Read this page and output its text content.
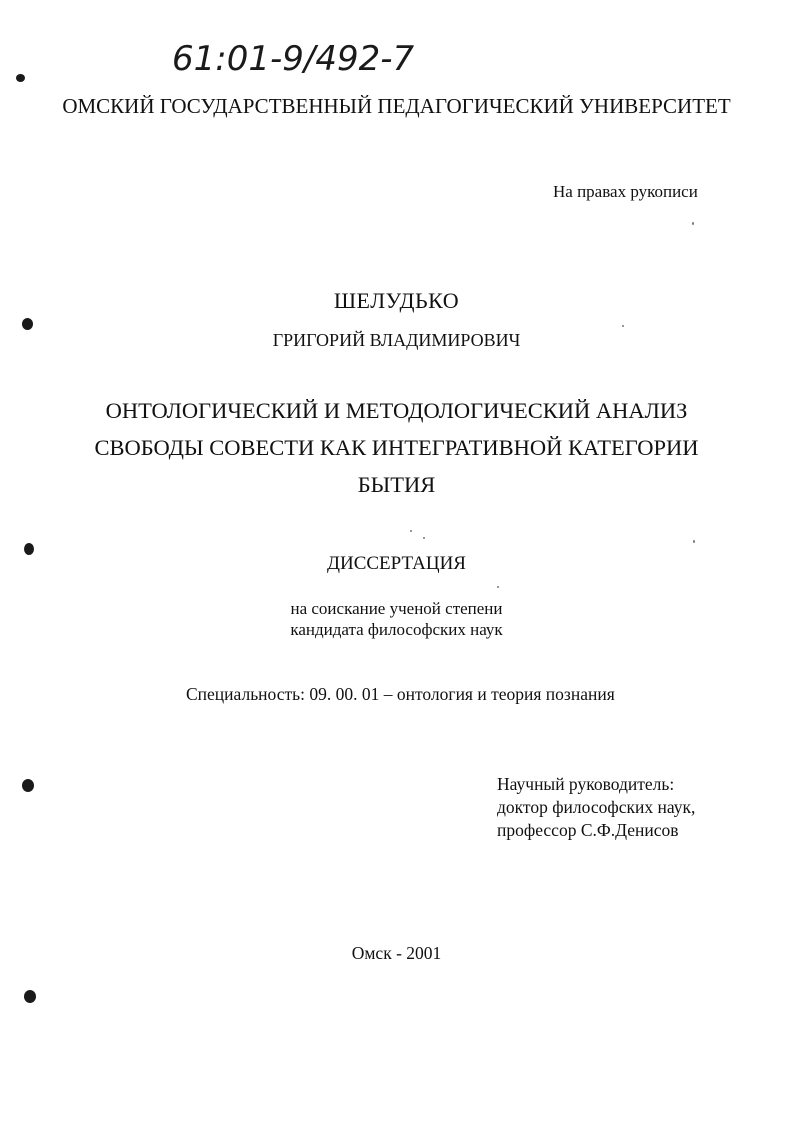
61:01-9/492-7
ОМСКИЙ ГОСУДАРСТВЕННЫЙ ПЕДАГОГИЧЕСКИЙ УНИВЕРСИТЕТ
На правах рукописи
ШЕЛУДЬКО
ГРИГОРИЙ ВЛАДИМИРОВИЧ
ОНТОЛОГИЧЕСКИЙ И МЕТОДОЛОГИЧЕСКИЙ АНАЛИЗ
СВОБОДЫ СОВЕСТИ КАК ИНТЕГРАТИВНОЙ КАТЕГОРИИ
БЫТИЯ
ДИССЕРТАЦИЯ
на соискание ученой степени
кандидата философских наук
Специальность: 09. 00. 01 – онтология и теория познания
Научный руководитель:
доктор философских наук,
профессор С.Ф.Денисов
Омск - 2001
